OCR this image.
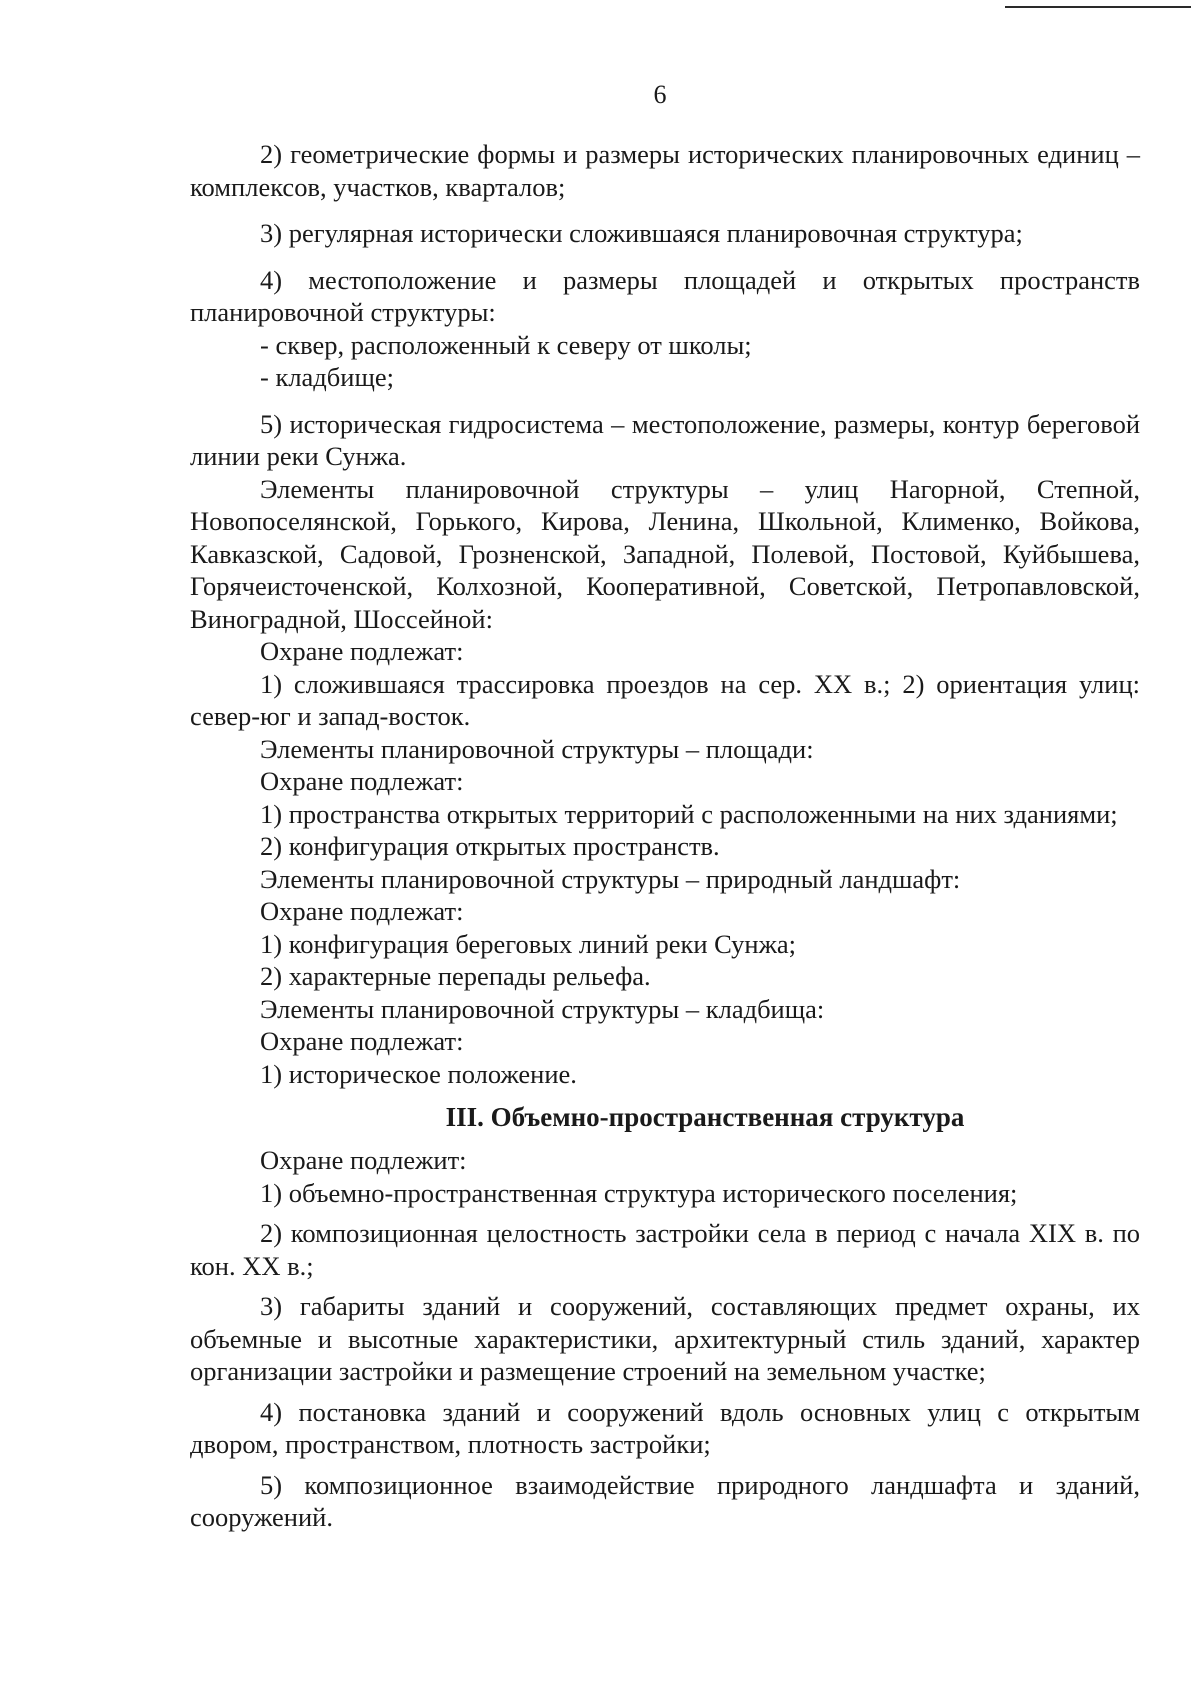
6

2) геометрические формы и размеры исторических планировочных единиц – комплексов, участков, кварталов;

3) регулярная исторически сложившаяся планировочная структура;

4) местоположение и размеры площадей и открытых пространств планировочной структуры:

- сквер, расположенный к северу от школы;

- кладбище;

5) историческая гидросистема – местоположение, размеры, контур береговой линии реки Сунжа.

Элементы планировочной структуры – улиц Нагорной, Степной, Новопоселянской, Горького, Кирова, Ленина, Школьной, Клименко, Войкова, Кавказской, Садовой, Грозненской, Западной, Полевой, Постовой, Куйбышева, Горячеисточенской, Колхозной, Кооперативной, Советской, Петропавловской, Виноградной, Шоссейной:

Охране подлежат:

1) сложившаяся трассировка проездов на сер. XX в.; 2) ориентация улиц: север-юг и запад-восток.

Элементы планировочной структуры – площади:

Охране подлежат:

1) пространства открытых территорий с расположенными на них зданиями;

2) конфигурация открытых пространств.

Элементы планировочной структуры – природный ландшафт:

Охране подлежат:

1) конфигурация береговых линий реки Сунжа;

2) характерные перепады рельефа.

Элементы планировочной структуры – кладбища:

Охране подлежат:

1) историческое положение.

III. Объемно-пространственная структура

Охране подлежит:

1) объемно-пространственная структура исторического поселения;

2) композиционная целостность застройки села в период с начала XIX в. по кон. XX в.;

3) габариты зданий и сооружений, составляющих предмет охраны, их объемные и высотные характеристики, архитектурный стиль зданий, характер организации застройки и размещение строений на земельном участке;

4) постановка зданий и сооружений вдоль основных улиц с открытым двором, пространством, плотность застройки;

5) композиционное взаимодействие природного ландшафта и зданий, сооружений.
